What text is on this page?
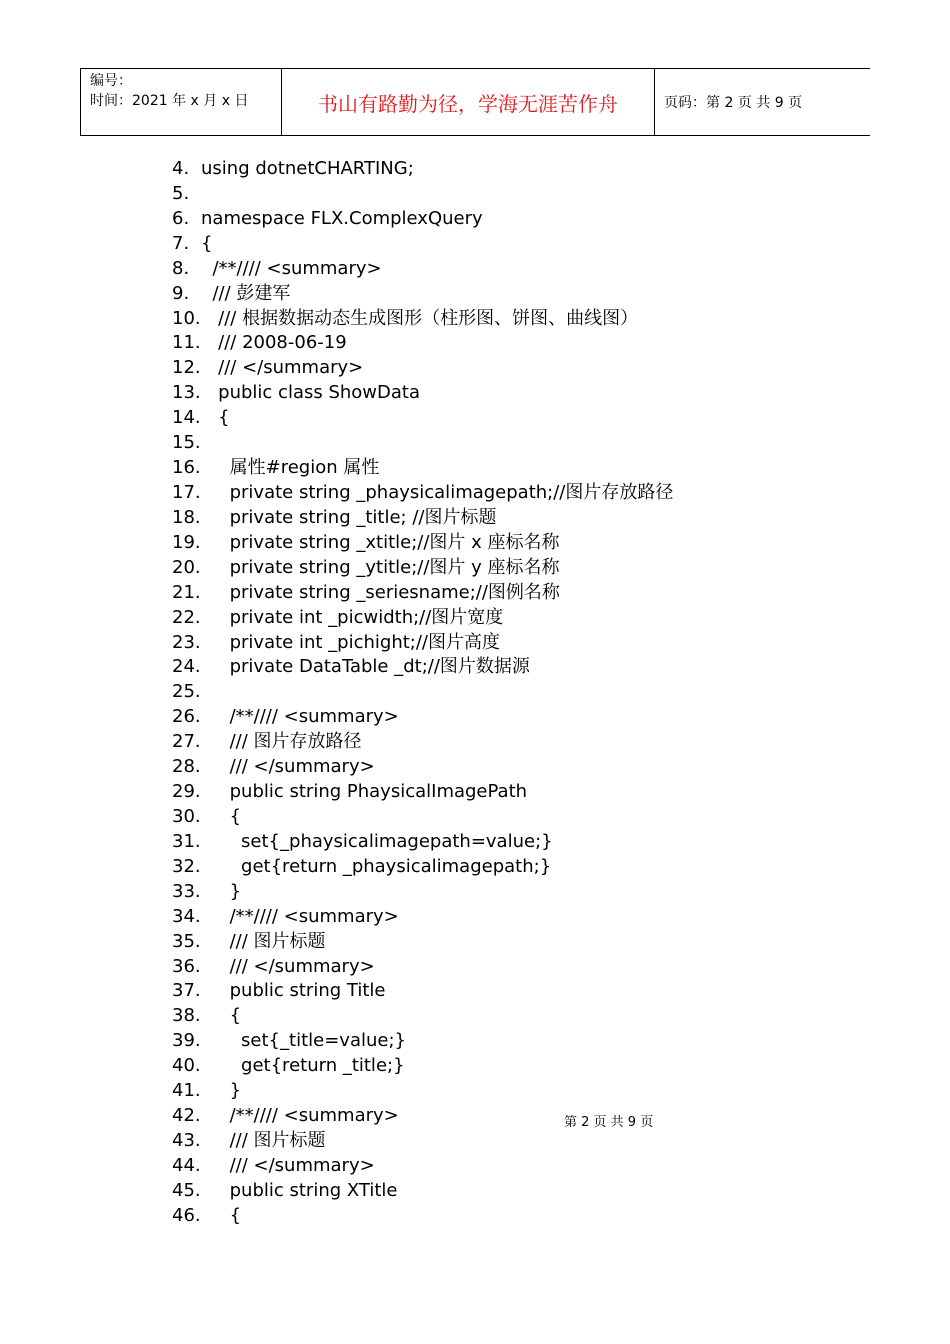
编号：
时间：2021 年 x 月 x 日	书山有路勤为径，学海无涯苦作舟	页码：第 2 页 共 9 页
4. using dotnetCHARTING;
5.
6. namespace FLX.ComplexQuery
7. {
8.  /**//// <summary>
9.  /// 彭建军
10.   /// 根据数据动态生成图形（柱形图、饼图、曲线图）
11.   /// 2008-06-19
12.   /// </summary>
13.   public class ShowData
14.   {
15.
16.     属性#region 属性
17.     private string _phaysicalimagepath;//图片存放路径
18.     private string _title; //图片标题
19.     private string _xtitle;//图片 x 座标名称
20.     private string _ytitle;//图片 y 座标名称
21.     private string _seriesname;//图例名称
22.     private int _picwidth;//图片宽度
23.     private int _pichight;//图片高度
24.     private DataTable _dt;//图片数据源
25.
26.     /**//// <summary>
27.     /// 图片存放路径
28.     /// </summary>
29.     public string PhaysicalImagePath
30.     {
31.       set{_phaysicalimagepath=value;}
32.       get{return _phaysicalimagepath;}
33.     }
34.     /**//// <summary>
35.     /// 图片标题
36.     /// </summary>
37.     public string Title
38.     {
39.       set{_title=value;}
40.       get{return _title;}
41.     }
42.     /**//// <summary>
43.     /// 图片标题
44.     /// </summary>
45.     public string XTitle
46.     {
第 2 页 共 9 页
